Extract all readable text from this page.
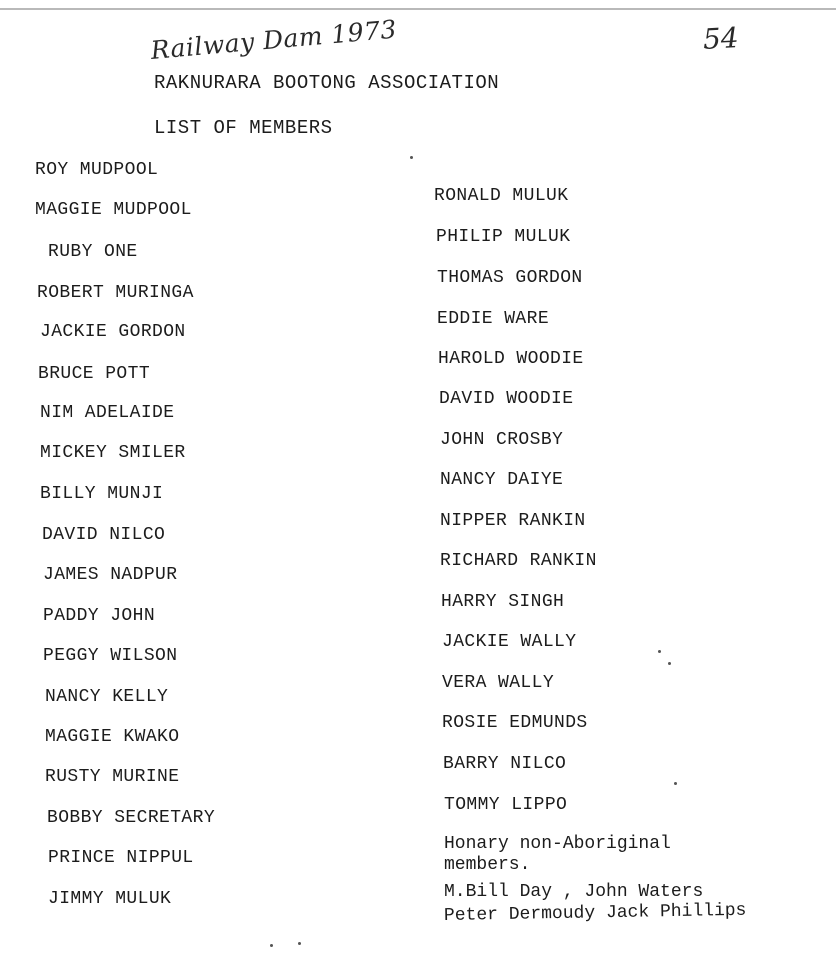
Railway Dam 1973	54
RAKNURARA BOOTONG ASSOCIATION
LIST OF MEMBERS
ROY MUDPOOL
MAGGIE MUDPOOL
RUBY ONE
ROBERT MURINGA
JACKIE GORDON
BRUCE POTT
NIM ADELAIDE
MICKEY SMILER
BILLY MUNJI
DAVID NILCO
JAMES NADPUR
PADDY JOHN
PEGGY WILSON
NANCY KELLY
MAGGIE KWAKO
RUSTY MURINE
BOBBY SECRETARY
PRINCE NIPPUL
JIMMY MULUK
RONALD MULUK
PHILIP MULUK
THOMAS GORDON
EDDIE WARE
HAROLD WOODIE
DAVID WOODIE
JOHN CROSBY
NANCY DAIYE
NIPPER RANKIN
RICHARD RANKIN
HARRY SINGH
JACKIE WALLY
VERA WALLY
ROSIE EDMUNDS
BARRY NILCO
TOMMY LIPPO
Honary non-Aboriginal
members.
M.Bill Day , John Waters
Peter Dermoudy Jack Phillips
